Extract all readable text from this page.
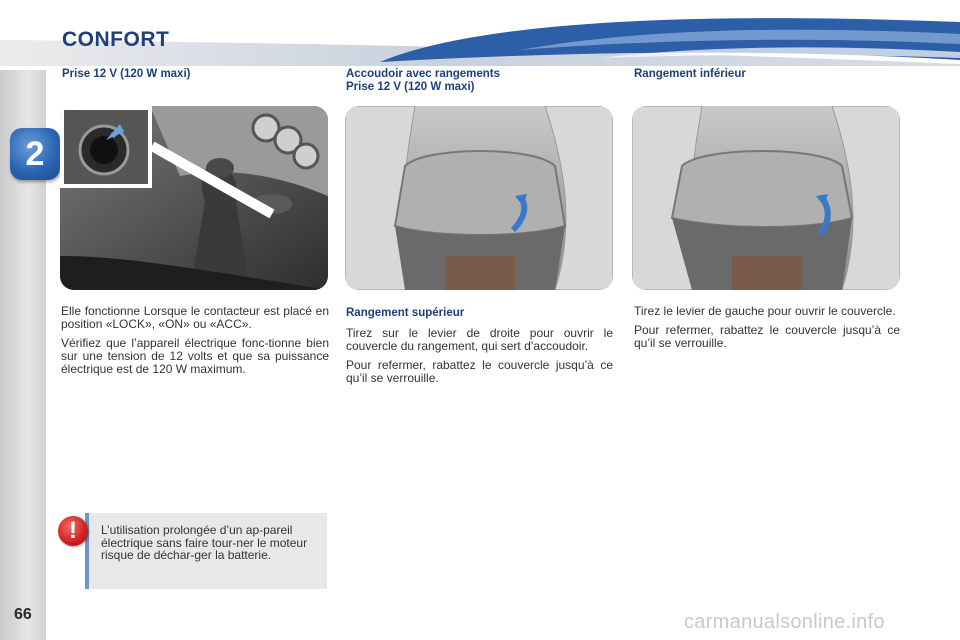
2
CONFORT
Prise 12 V (120 W maxi)	Accoudoir avec rangements
Prise 12 V (120 W maxi)
Rangement inférieur

Elle fonctionne Lorsque le contacteur est placé en position «LOCK», «ON» ou «ACC».

Vérifiez que l’appareil électrique fonc-tionne bien sur une tension de 12 volts et que sa puissance électrique est de 120 W maximum.

Rangement supérieur

Tirez sur le levier de droite pour ouvrir le couvercle du rangement, qui sert d’accoudoir.

Pour refermer, rabattez le couvercle jusqu’à ce qu’il se verrouille.

Tirez le levier de gauche pour ouvrir le couvercle.

Pour refermer, rabattez le couvercle jusqu’à ce qu’il se verrouille.

!	L’utilisation prolongée d’un ap-pareil électrique sans faire tour-ner le moteur risque de déchar-ger la batterie.
66	carmanualsonline.info
